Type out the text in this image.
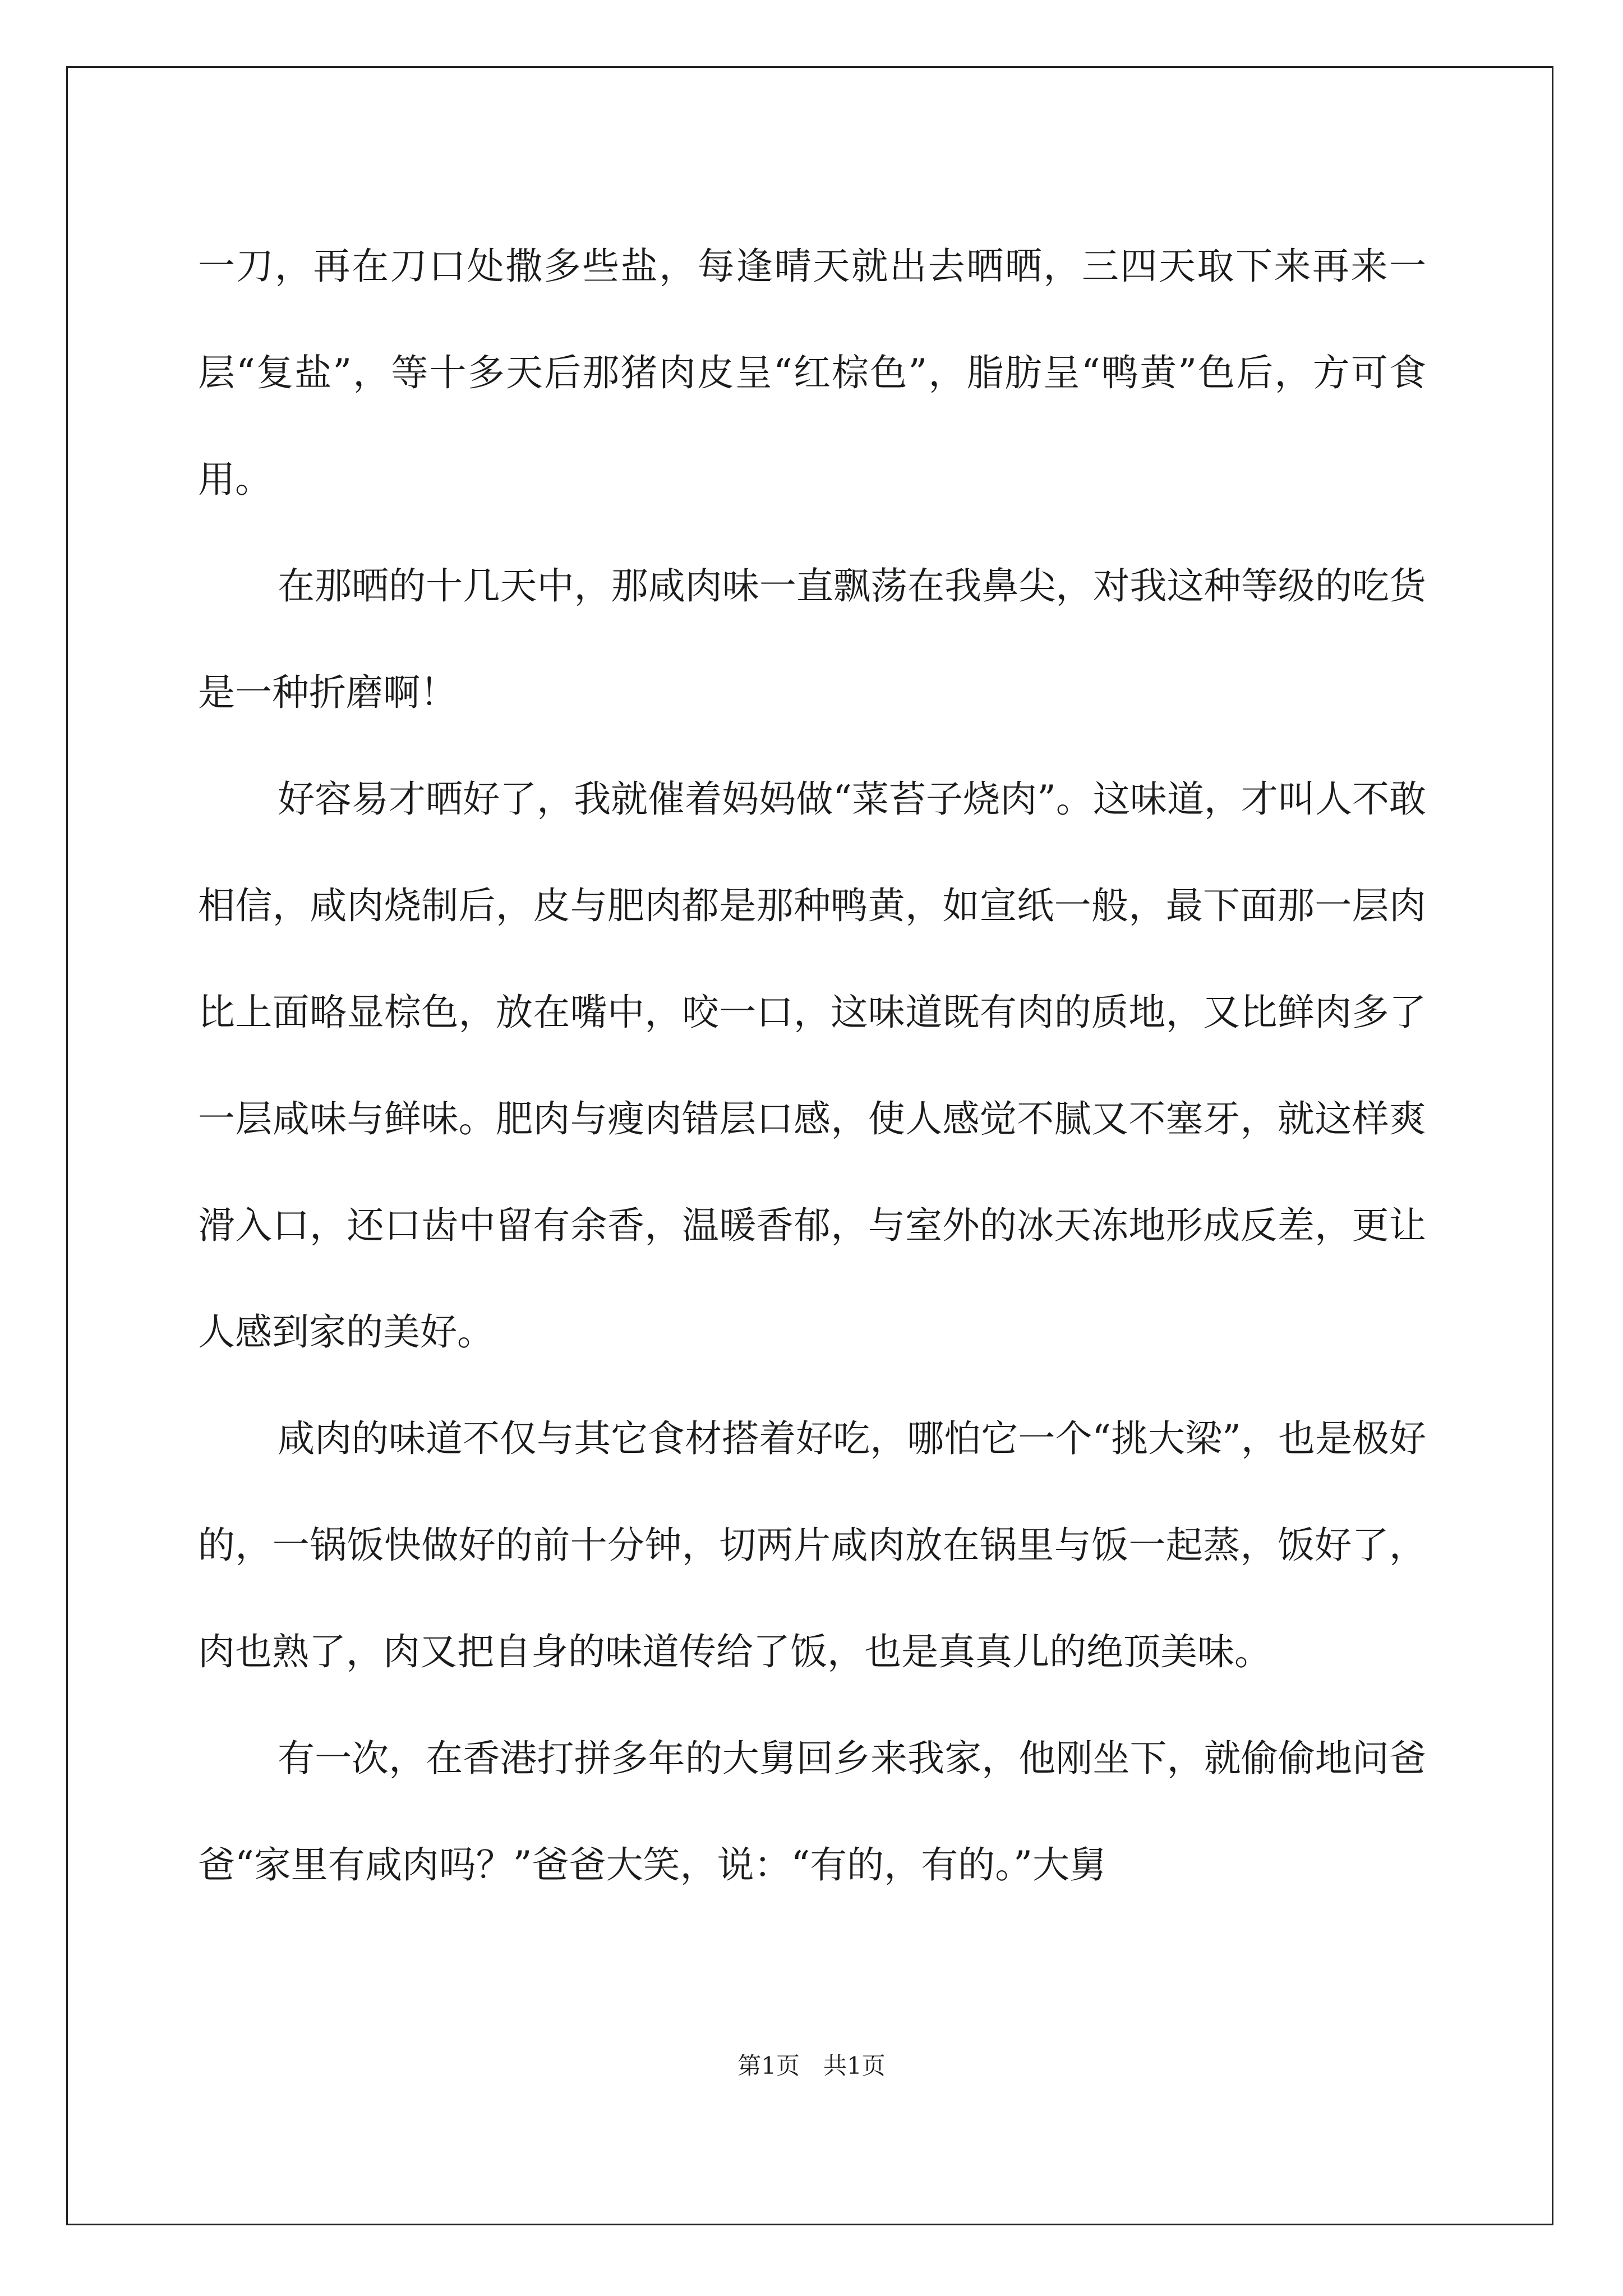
一刀，再在刀口处撒多些盐，每逢晴天就出去晒晒，三四天取下来再来一层“复盐”，等十多天后那猪肉皮呈“红棕色”，脂肪呈“鸭黄”色后，方可食用。

在那晒的十几天中，那咸肉味一直飘荡在我鼻尖，对我这种等级的吃货是一种折磨啊！

好容易才晒好了，我就催着妈妈做“菜苔子烧肉”。这味道，才叫人不敢相信，咸肉烧制后，皮与肥肉都是那种鸭黄，如宣纸一般，最下面那一层肉比上面略显棕色，放在嘴中，咬一口，这味道既有肉的质地，又比鲜肉多了一层咸味与鲜味。肥肉与瘦肉错层口感，使人感觉不腻又不塞牙，就这样爽滑入口，还口齿中留有余香，温暖香郁，与室外的冰天冻地形成反差，更让人感到家的美好。

咸肉的味道不仅与其它食材搭着好吃，哪怕它一个“挑大梁”，也是极好的，一锅饭快做好的前十分钟，切两片咸肉放在锅里与饭一起蒸，饭好了，肉也熟了，肉又把自身的味道传给了饭，也是真真儿的绝顶美味。

有一次，在香港打拼多年的大舅回乡来我家，他刚坐下，就偷偷地问爸爸“家里有咸肉吗？”爸爸大笑，说：“有的，有的。”大舅

第1页　共1页
